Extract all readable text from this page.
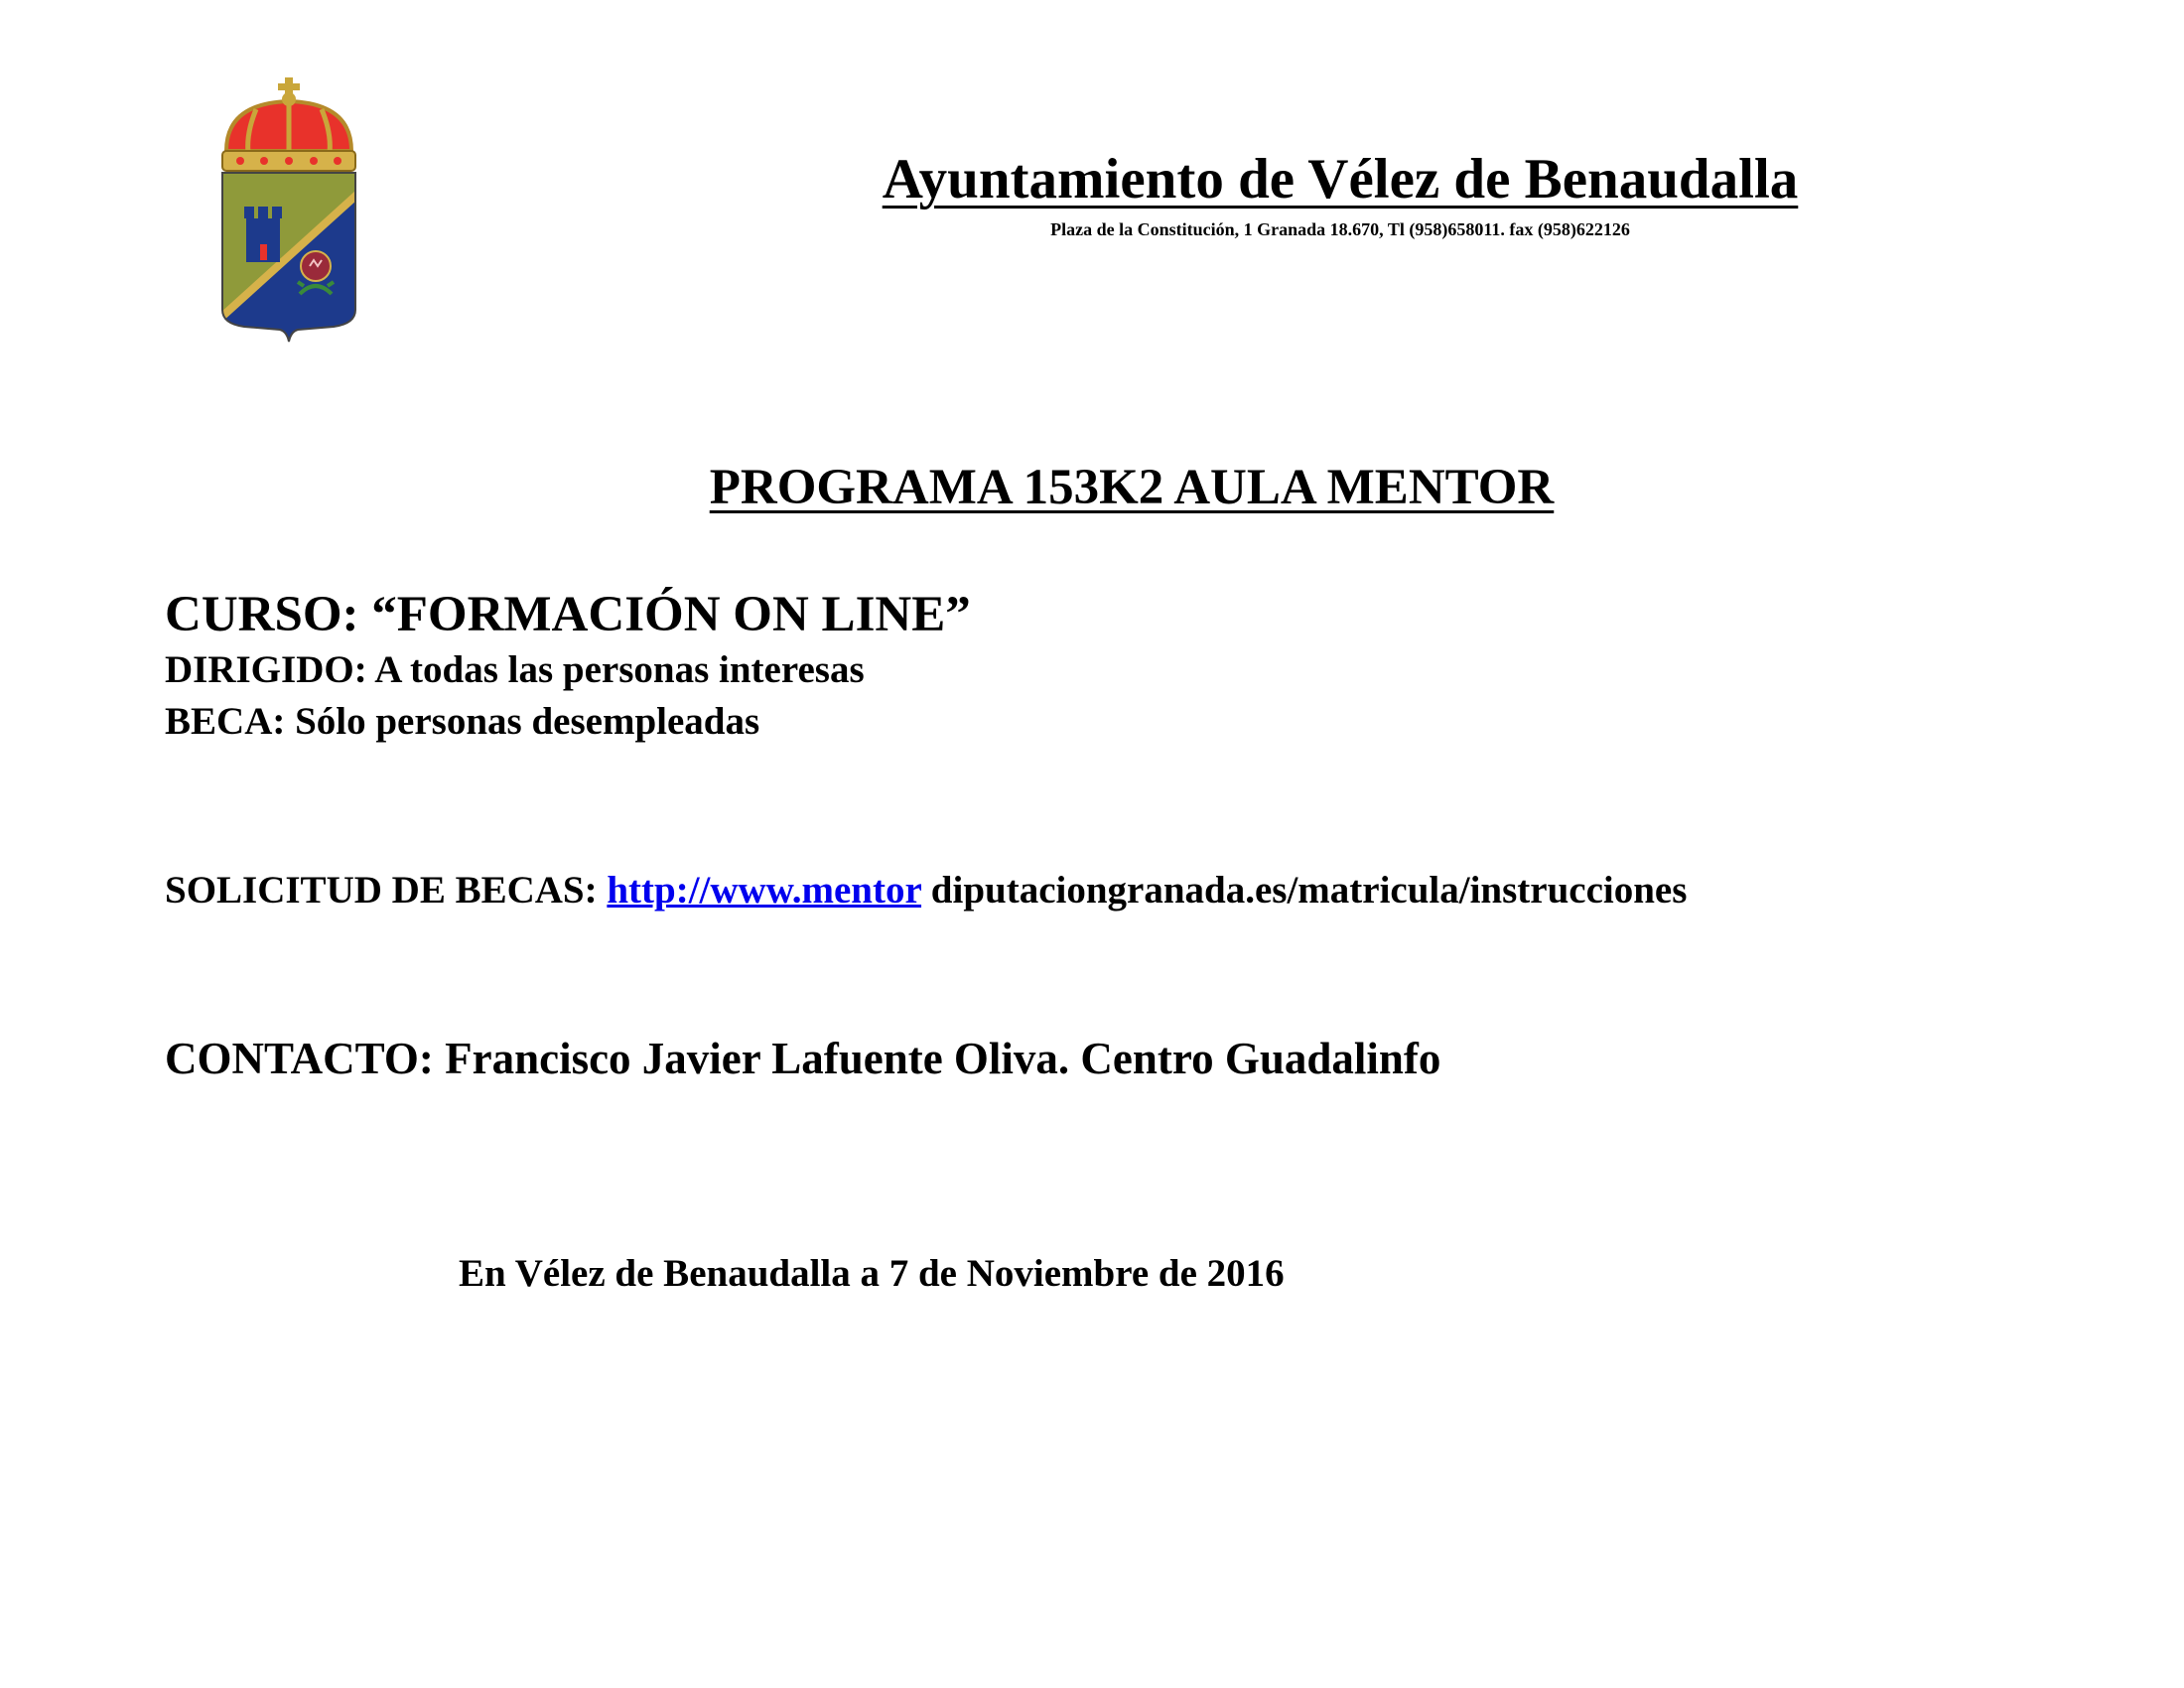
Ayuntamiento de Vélez de Benaudalla
Plaza de la Constitución, 1 Granada 18.670, Tl (958)658011. fax (958)622126
PROGRAMA 153K2 AULA MENTOR
CURSO: “FORMACIÓN ON LINE”
DIRIGIDO: A todas las personas interesas
BECA: Sólo personas desempleadas
SOLICITUD DE BECAS: http://www.mentor diputaciongranada.es/matricula/instrucciones
CONTACTO: Francisco Javier Lafuente Oliva. Centro Guadalinfo
En Vélez de Benaudalla a 7 de Noviembre de 2016
